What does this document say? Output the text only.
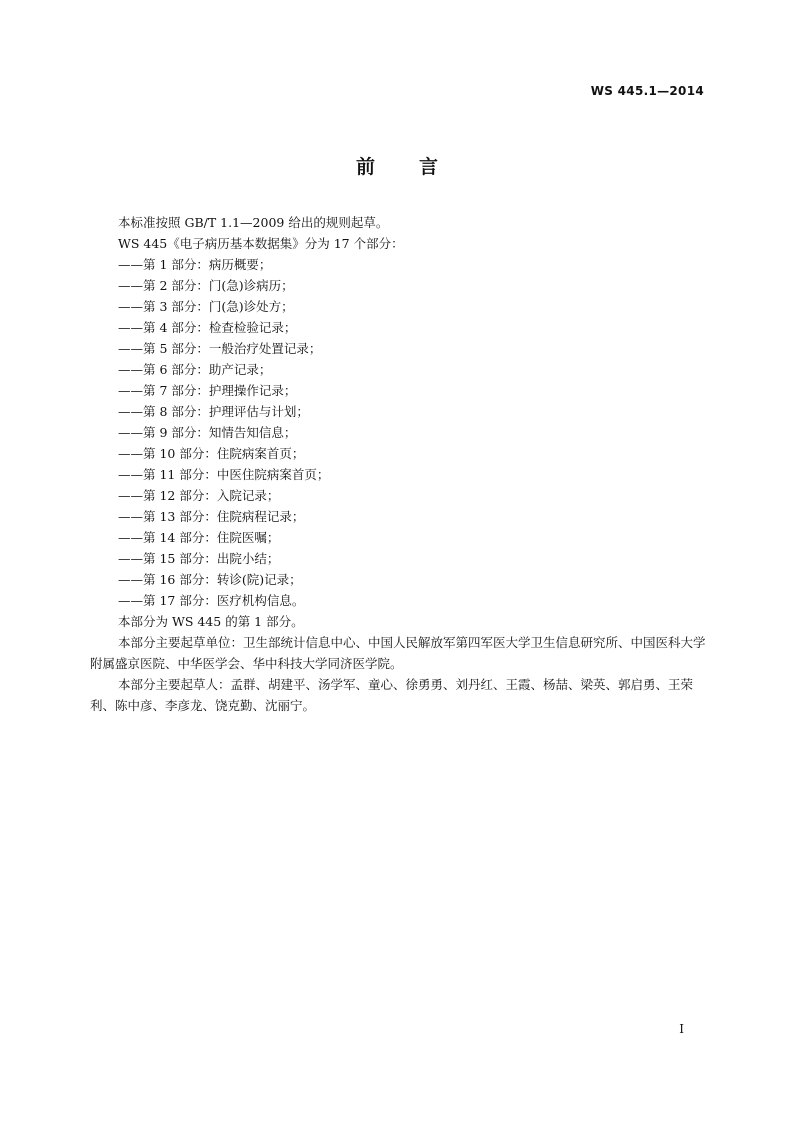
WS 445.1—2014
前言

本标准按照 GB/T 1.1—2009 给出的规则起草。

WS 445《电子病历基本数据集》分为 17 个部分：

——第 1 部分：病历概要；

——第 2 部分：门(急)诊病历；

——第 3 部分：门(急)诊处方；

——第 4 部分：检查检验记录；

——第 5 部分：一般治疗处置记录；

——第 6 部分：助产记录；

——第 7 部分：护理操作记录；

——第 8 部分：护理评估与计划；

——第 9 部分：知情告知信息；

——第 10 部分：住院病案首页；

——第 11 部分：中医住院病案首页；

——第 12 部分：入院记录；

——第 13 部分：住院病程记录；

——第 14 部分：住院医嘱；

——第 15 部分：出院小结；

——第 16 部分：转诊(院)记录；

——第 17 部分：医疗机构信息。

本部分为 WS 445 的第 1 部分。

本部分主要起草单位：卫生部统计信息中心、中国人民解放军第四军医大学卫生信息研究所、中国医科大学附属盛京医院、中华医学会、华中科技大学同济医学院。

本部分主要起草人：孟群、胡建平、汤学军、童心、徐勇勇、刘丹红、王霞、杨喆、梁英、郭启勇、王荣利、陈中彦、李彦龙、饶克勤、沈丽宁。

I
